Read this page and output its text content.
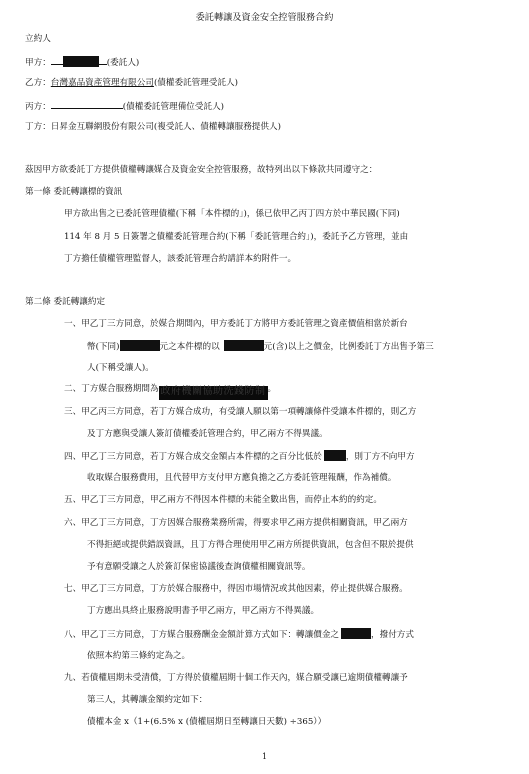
委託轉讓及資金安全控管服務合約
立約人
甲方：	(委託人)
乙方：台灣嘉品資產管理有限公司(債權委託管理受託人)
丙方：	(債權委託管理備位受託人)
丁方：日昇金互聯網股份有限公司(複受託人、債權轉讓服務提供人)
茲因甲方欲委託丁方提供債權轉讓媒合及資金安全控管服務，故特列出以下條款共同遵守之：
第一條 委託轉讓標的資訊
甲方欲出售之已委託管理債權(下稱「本件標的」)，係已依甲乙丙丁四方於中華民國(下同)
114 年 8 月 5 日簽署之債權委託管理合約(下稱「委託管理合約」)，委託予乙方管理，並由
丁方擔任債權管理監督人，該委託管理合約請詳本約附件一。
第二條 委託轉讓約定
一、甲乙丁三方同意，於媒合期間內，甲方委託丁方將甲方委託管理之資產價值相當於新台
幣(下同)	元之本件標的以	元(含)以上之價金，比例委託丁方出售予第三
人(下稱受讓人)。
二、丁方媒合服務期間為 政府機關協助洗錢防制 。
三、甲乙丙三方同意，若丁方媒合成功，有受讓人願以第一項轉讓條件受讓本件標的，則乙方
及丁方應與受讓人簽訂債權委託管理合約，甲乙兩方不得異議。
四、甲乙丁三方同意，若丁方媒合成交金額占本件標的之百分比低於	，則丁方不向甲方
收取媒合服務費用，且代替甲方支付甲方應負擔之乙方委託管理報酬，作為補償。
五、甲乙丁三方同意，甲乙兩方不得因本件標的未能全數出售，而停止本約的約定。
六、甲乙丁三方同意，丁方因媒合服務業務所需，得要求甲乙兩方提供相關資訊，甲乙兩方
不得拒絕或提供錯誤資訊，且丁方得合理使用甲乙兩方所提供資訊，包含但不限於提供
予有意願受讓之人於簽訂保密協議後查詢債權相關資訊等。
七、甲乙丁三方同意，丁方於媒合服務中，得因市場情況或其他因素，停止提供媒合服務。
丁方應出具終止服務說明書予甲乙兩方，甲乙兩方不得異議。
八、甲乙丁三方同意，丁方媒合服務酬金金額計算方式如下：轉讓價金之	，撥付方式
依照本約第三條約定為之。
九、若債權屆期未受清償，丁方得於債權屆期十個工作天內，媒合願受讓已逾期債權轉讓予
第三人，其轉讓金額約定如下：
債權本金 x（1+(6.5% x (債權屆期日至轉讓日天數) ÷365））
1
